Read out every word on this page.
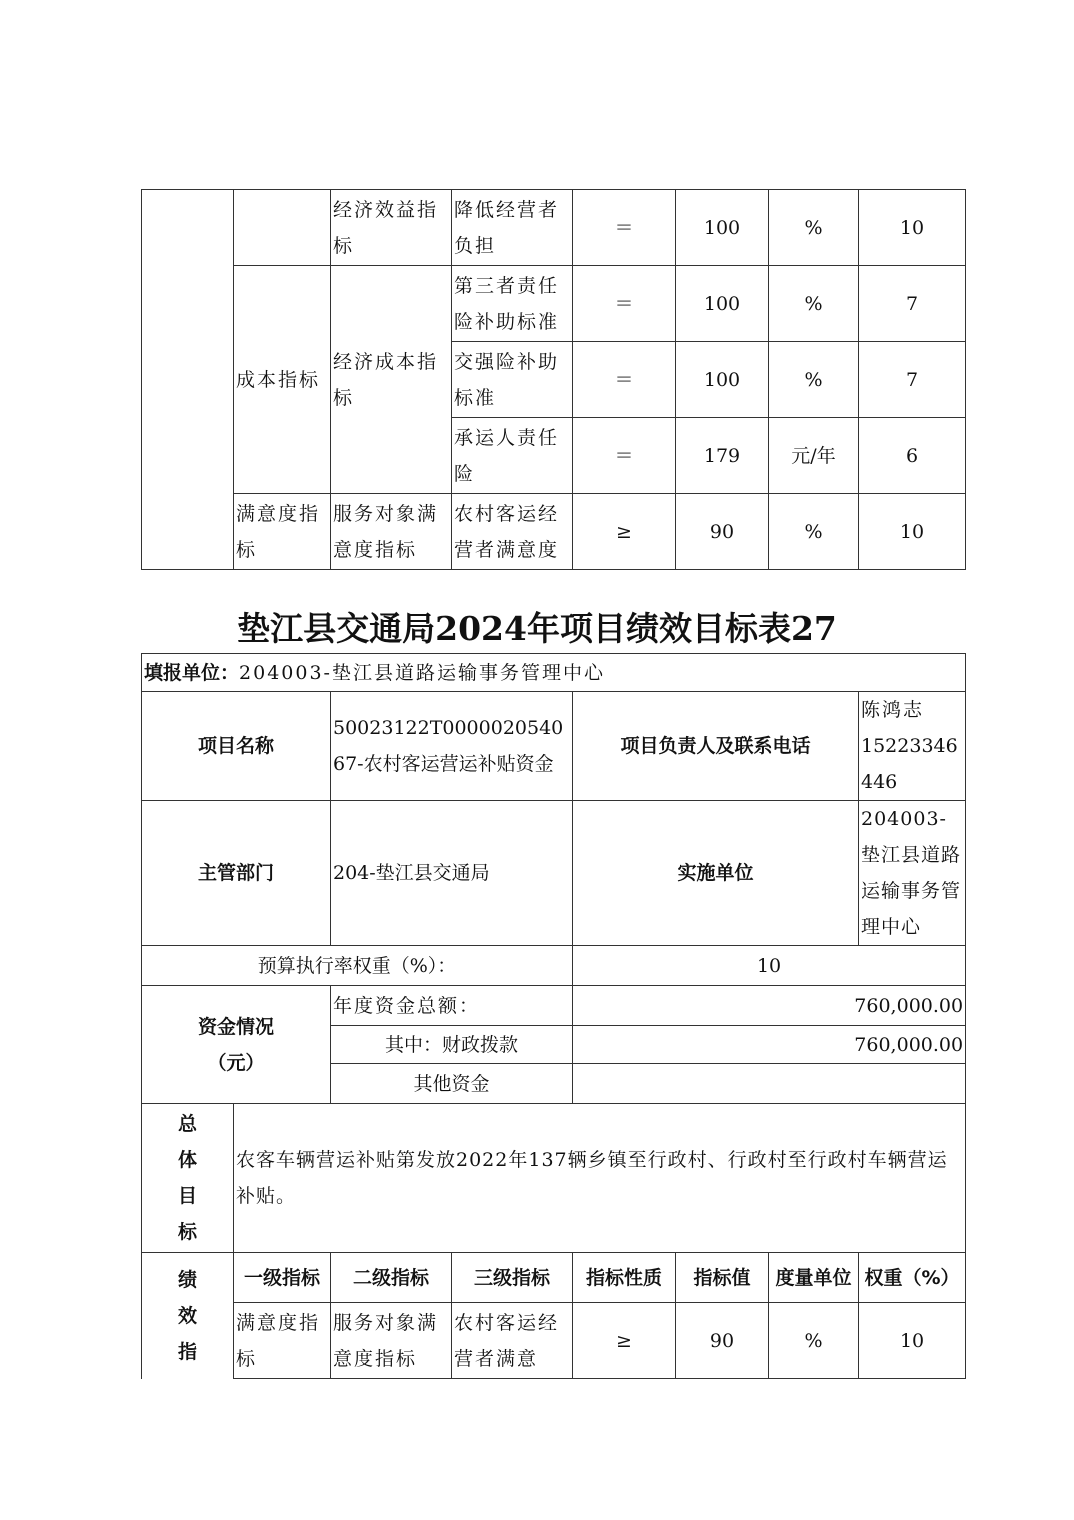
		经济效益指标	降低经营者负担	＝	100	%	10
	成本指标	经济成本指标	第三者责任险补助标准	＝	100	%	7
			交强险补助标准	＝	100	%	7
			承运人责任险	＝	179	元/年	6
	满意度指标	服务对象满意度指标	农村客运经营者满意度	≥	90	%	10
垫江县交通局2024年项目绩效目标表27
填报单位：204003-垫江县道路运输事务管理中心							
项目名称		50023122T000002054067-农村客运营运补贴资金		项目负责人及联系电话			陈鸿志
15223346446

主管部门		204-垫江县交通局		实施单位			204003-垫江县道路运输事务管理中心
预算执行率权重（%）：				10			

资金情况
（元）		年度资金总额：		760,000.00			
		其中：财政拨款		760,000.00			
		其他资金					

总
体
目
标	农客车辆营运补贴第发放2022年137辆乡镇至行政村、行政村至行政村车辆营运补贴。						

绩
效
指	一级指标	二级指标	三级指标	指标性质	指标值	度量单位	权重（%）
	满意度指标	服务对象满意度指标	农村客运经营者满意	≥	90	%	10
